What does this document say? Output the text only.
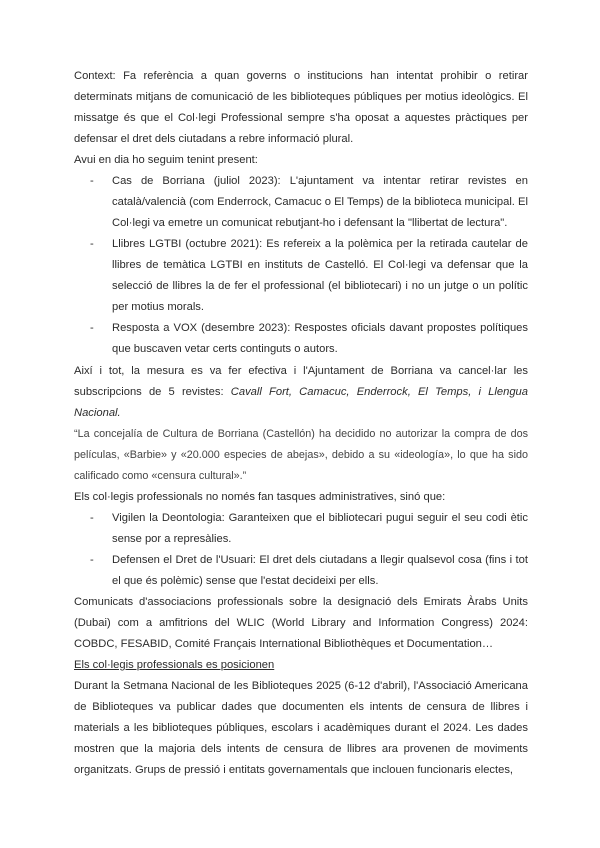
Context: Fa referència a quan governs o institucions han intentat prohibir o retirar determinats mitjans de comunicació de les biblioteques públiques per motius ideològics. El missatge és que el Col·legi Professional sempre s'ha oposat a aquestes pràctiques per defensar el dret dels ciutadans a rebre informació plural.

Avui en dia ho seguim tenint present:

- Cas de Borriana (juliol 2023): L'ajuntament va intentar retirar revistes en català/valencià (com Enderrock, Camacuc o El Temps) de la biblioteca municipal. El Col·legi va emetre un comunicat rebutjant-ho i defensant la "llibertat de lectura".
- Llibres LGTBI (octubre 2021): Es refereix a la polèmica per la retirada cautelar de llibres de temàtica LGTBI en instituts de Castelló. El Col·legi va defensar que la selecció de llibres la de fer el professional (el bibliotecari) i no un jutge o un polític per motius morals.
- Resposta a VOX (desembre 2023): Respostes oficials davant propostes polítiques que buscaven vetar certs continguts o autors.

Així i tot, la mesura es va fer efectiva i l'Ajuntament de Borriana va cancel·lar les subscripcions de 5 revistes: Cavall Fort, Camacuc, Enderrock, El Temps, i Llengua Nacional.

“La concejalía de Cultura de Borriana (Castellón) ha decidido no autorizar la compra de dos películas, «Barbie» y «20.000 especies de abejas», debido a su «ideología», lo que ha sido calificado como «censura cultural».”

Els col·legis professionals no només fan tasques administratives, sinó que:

- Vigilen la Deontologia: Garanteixen que el bibliotecari pugui seguir el seu codi ètic sense por a represàlies.
- Defensen el Dret de l'Usuari: El dret dels ciutadans a llegir qualsevol cosa (fins i tot el que és polèmic) sense que l'estat decideixi per ells.

Comunicats d'associacions professionals sobre la designació dels Emirats Àrabs Units (Dubai) com a amfitrions del WLIC (World Library and Information Congress) 2024: COBDC, FESABID, Comité Français International Bibliothèques et Documentation…

Els col·legis professionals es posicionen

Durant la Setmana Nacional de les Biblioteques 2025 (6-12 d'abril), l'Associació Americana de Biblioteques va publicar dades que documenten els intents de censura de llibres i materials a les biblioteques públiques, escolars i acadèmiques durant el 2024. Les dades mostren que la majoria dels intents de censura de llibres ara provenen de moviments organitzats. Grups de pressió i entitats governamentals que inclouen funcionaris electes,
